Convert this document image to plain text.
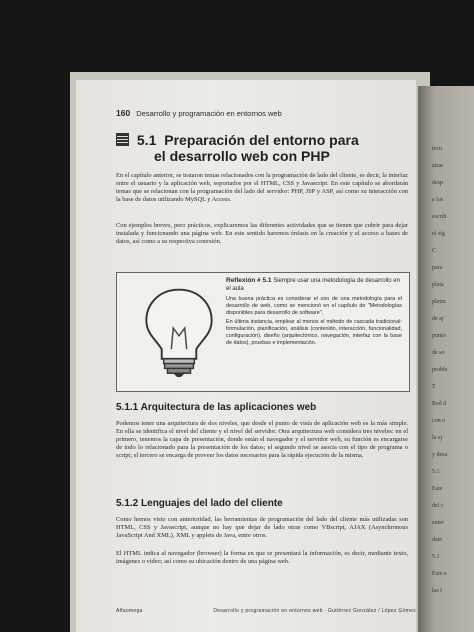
tecn
atrac
desp
a los
escrib
el sig
C
para
plata
pletm
de aj
punto
de so
proble
T
Red d
con o
la ej
y desa
5.1
Este
del c
enter
dato
5.1
Esto e
las f
160 Desarrollo y programación en entornos web
5.1 Preparación del entorno para
el desarrollo web con PHP
En el capítulo anterior, se trataron temas relacionados con la programación de lado del cliente, es decir, la interfaz entre el usuario y la aplicación web, soportados por el HTML, CSS y Javascript. En este capítulo se abordarán temas que se relacionan con la programación del lado del servidor: PHP, JSP y ASP, así como su interacción con la base de datos utilizando MySQL y Access.
Con ejemplos breves, pero prácticos, explicaremos las diferentes actividades que se tienen que cubrir para dejar instalada y funcionando una página web. En este sentido haremos énfasis en la creación y el acceso a bases de datos, así como a su respectiva conexión.
Reflexión # 5.1 Siempre usar una metodología de desarrollo en el aula

Una buena práctica es considerar el uso de una metodología para el desarrollo de web, como se mencionó en el capítulo de "Metodologías disponibles para desarrollo de software".

En última instancia, emplear al menos el método de cascada tradicional: formulación, planificación, análisis (contenido, interacción, funcionalidad, configuración), diseño (arquitectónico, navegación, interfaz con la base de datos), pruebas e implementación.

5.1.1 Arquitectura de las aplicaciones web
Podemos tener una arquitectura de dos niveles, que desde el punto de vista de aplicación web es la más simple. En ella se identifica el nivel del cliente y el nivel del servidor. Otra arquitectura web considera tres niveles: en el primero, tenemos la capa de presentación, donde están el navegador y el servidor web, su función es encargarse de todo lo relacionado para la presentación de los datos; el segundo nivel se asocia con el tipo de programa o script; el tercero se encarga de proveer los datos necesarios para la rápida ejecución de la misma.
5.1.2 Lenguajes del lado del cliente
Como hemos visto con anterioridad, las herramientas de programación del lado del cliente más utilizadas son HTML, CSS y Javascript, aunque no hay que dejar de lado otras como VBscript, AJAX (Asynchronous JavaScript And XML), XML y applets de Java, entre otros.
El HTML indica al navegador (browser) la forma en que se presentará la información, es decir, mediante texto, imágenes o video; así como su ubicación dentro de una página web.
Alfaomega	Desarrollo y programación en entornos web · Gutiérrez González / López Gómez
